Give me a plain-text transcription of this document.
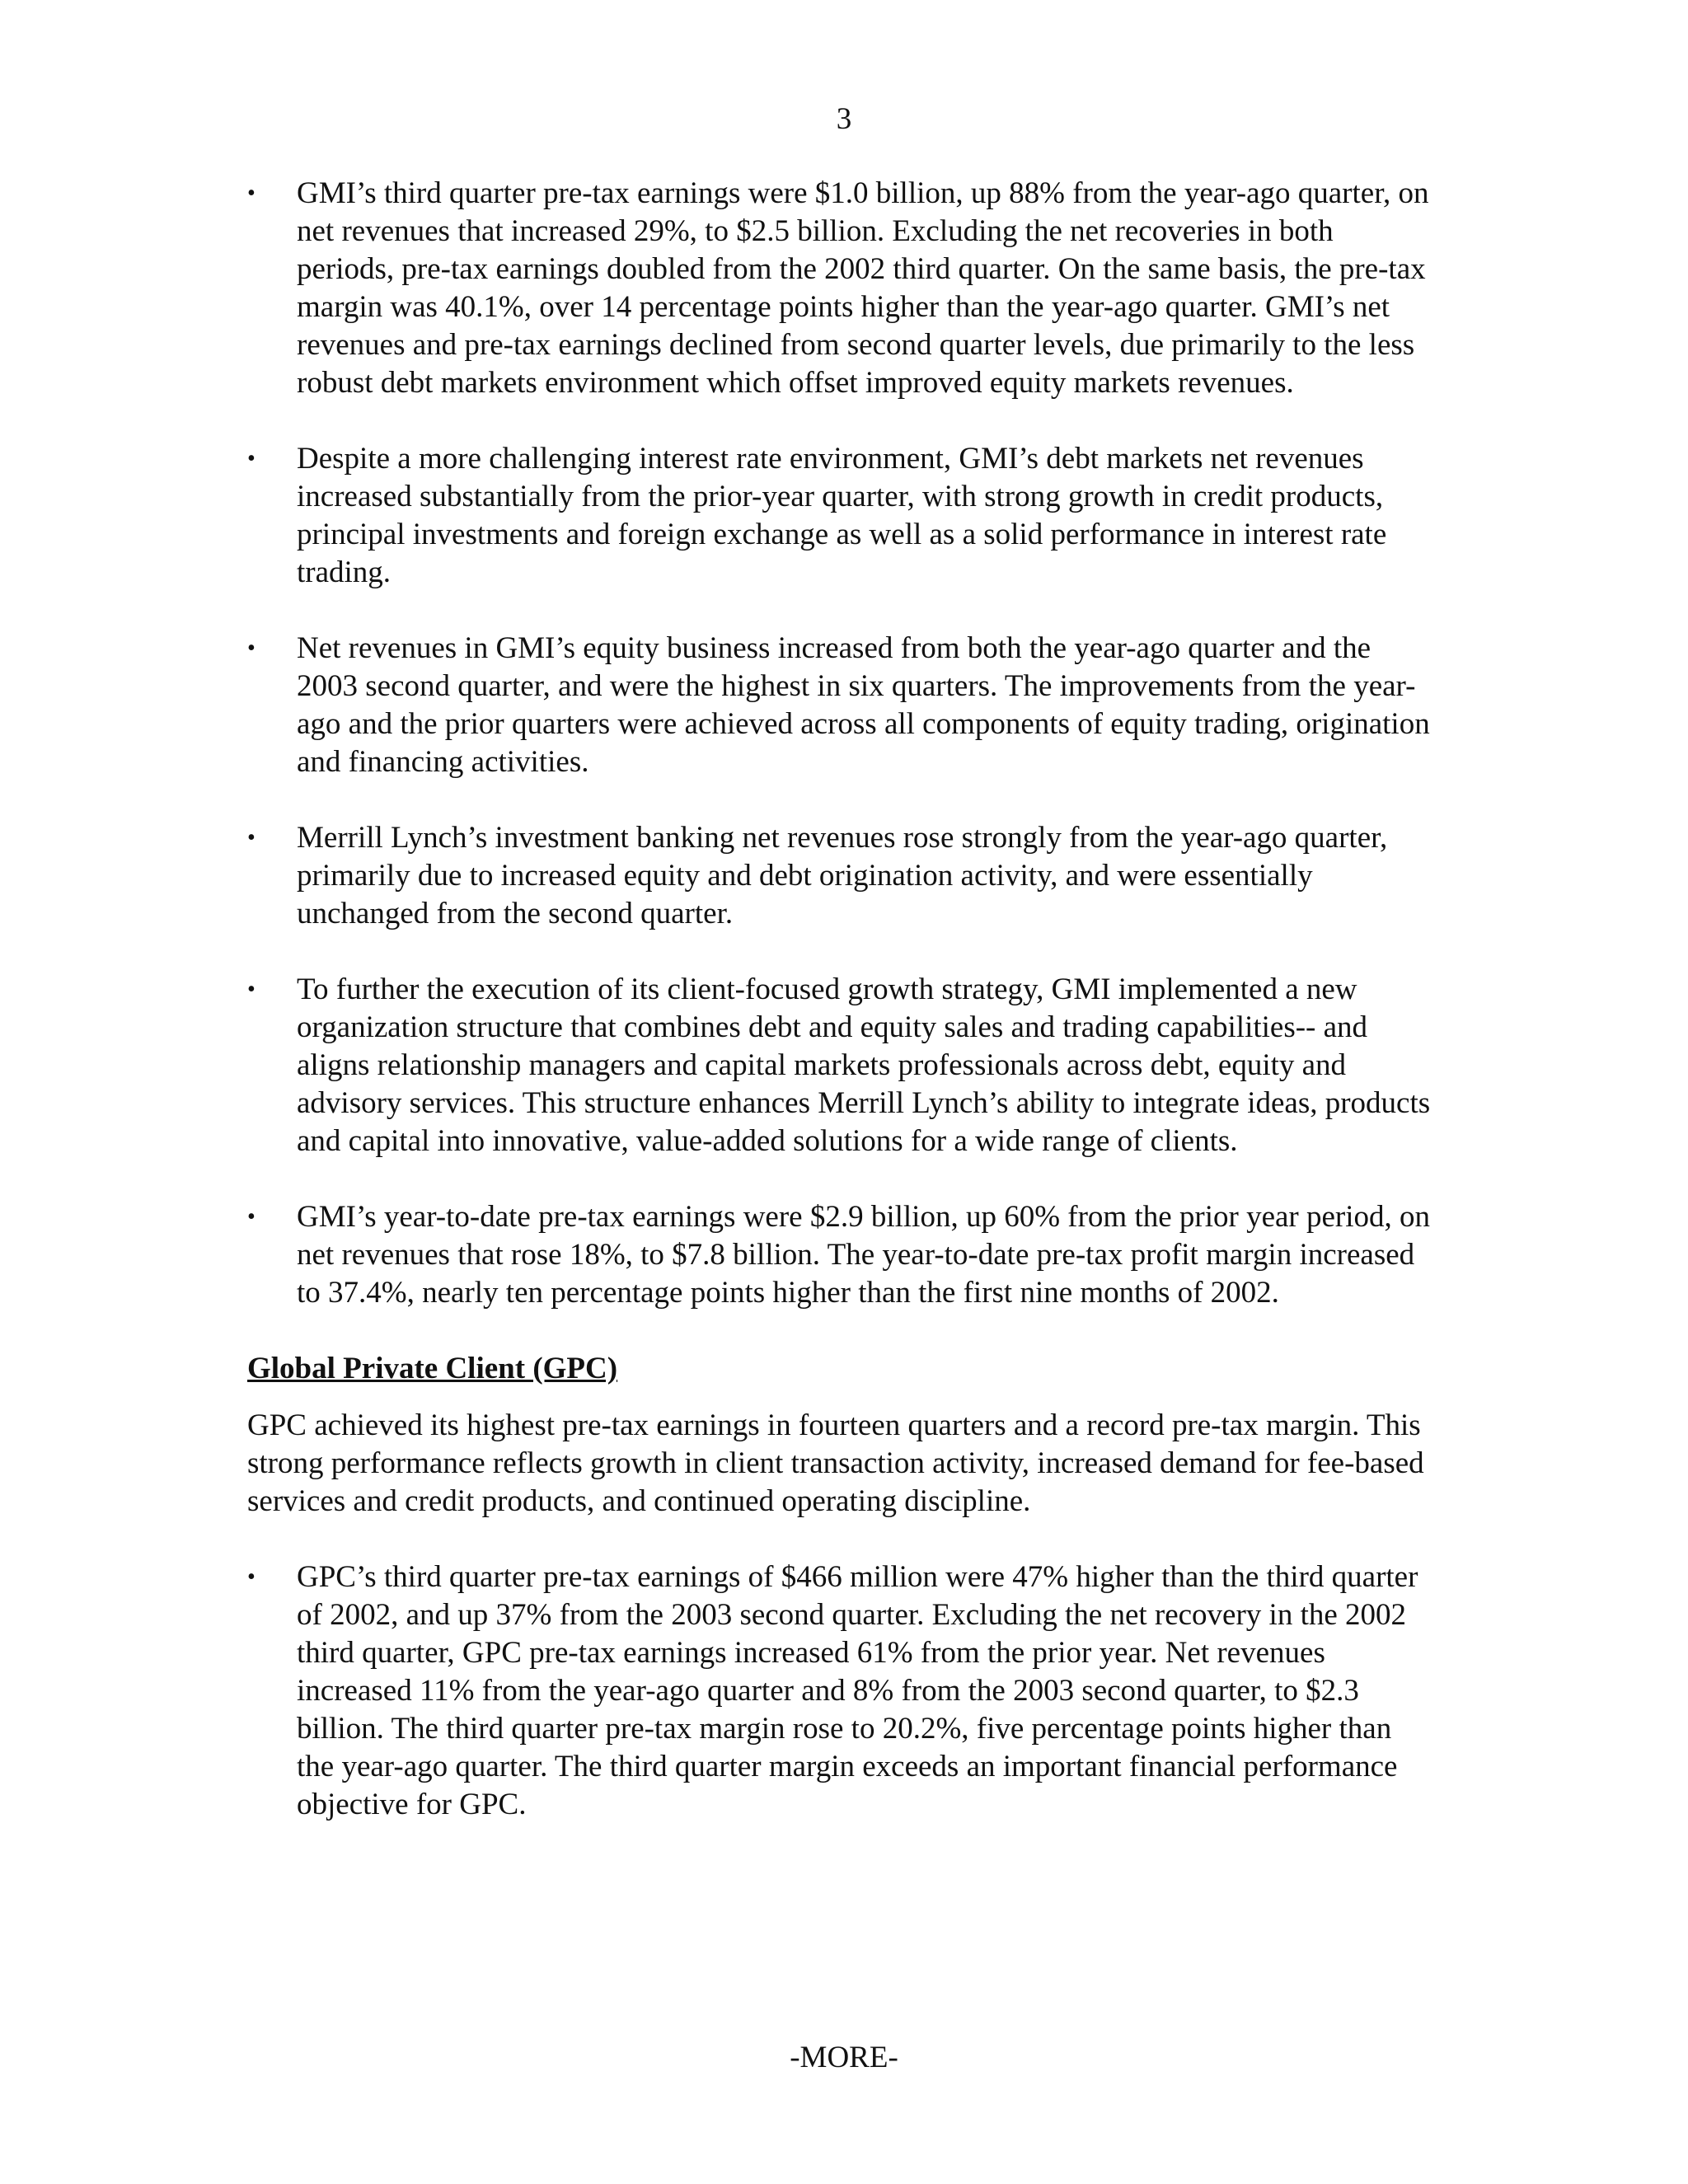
3
• GMI’s third quarter pre-tax earnings were $1.0 billion, up 88% from the year-ago quarter, on net revenues that increased 29%, to $2.5 billion. Excluding the net recoveries in both periods, pre-tax earnings doubled from the 2002 third quarter. On the same basis, the pre-tax margin was 40.1%, over 14 percentage points higher than the year-ago quarter. GMI’s net revenues and pre-tax earnings declined from second quarter levels, due primarily to the less robust debt markets environment which offset improved equity markets revenues.
• Despite a more challenging interest rate environment, GMI’s debt markets net revenues increased substantially from the prior-year quarter, with strong growth in credit products, principal investments and foreign exchange as well as a solid performance in interest rate trading.
• Net revenues in GMI’s equity business increased from both the year-ago quarter and the 2003 second quarter, and were the highest in six quarters. The improvements from the year-ago and the prior quarters were achieved across all components of equity trading, origination and financing activities.
• Merrill Lynch’s investment banking net revenues rose strongly from the year-ago quarter, primarily due to increased equity and debt origination activity, and were essentially unchanged from the second quarter.
• To further the execution of its client-focused growth strategy, GMI implemented a new organization structure that combines debt and equity sales and trading capabilities-- and aligns relationship managers and capital markets professionals across debt, equity and advisory services. This structure enhances Merrill Lynch’s ability to integrate ideas, products and capital into innovative, value-added solutions for a wide range of clients.
• GMI’s year-to-date pre-tax earnings were $2.9 billion, up 60% from the prior year period, on net revenues that rose 18%, to $7.8 billion. The year-to-date pre-tax profit margin increased to 37.4%, nearly ten percentage points higher than the first nine months of 2002.
Global Private Client (GPC)
GPC achieved its highest pre-tax earnings in fourteen quarters and a record pre-tax margin. This strong performance reflects growth in client transaction activity, increased demand for fee-based services and credit products, and continued operating discipline.
• GPC’s third quarter pre-tax earnings of $466 million were 47% higher than the third quarter of 2002, and up 37% from the 2003 second quarter. Excluding the net recovery in the 2002 third quarter, GPC pre-tax earnings increased 61% from the prior year. Net revenues increased 11% from the year-ago quarter and 8% from the 2003 second quarter, to $2.3 billion. The third quarter pre-tax margin rose to 20.2%, five percentage points higher than the year-ago quarter. The third quarter margin exceeds an important financial performance objective for GPC.
-MORE-
